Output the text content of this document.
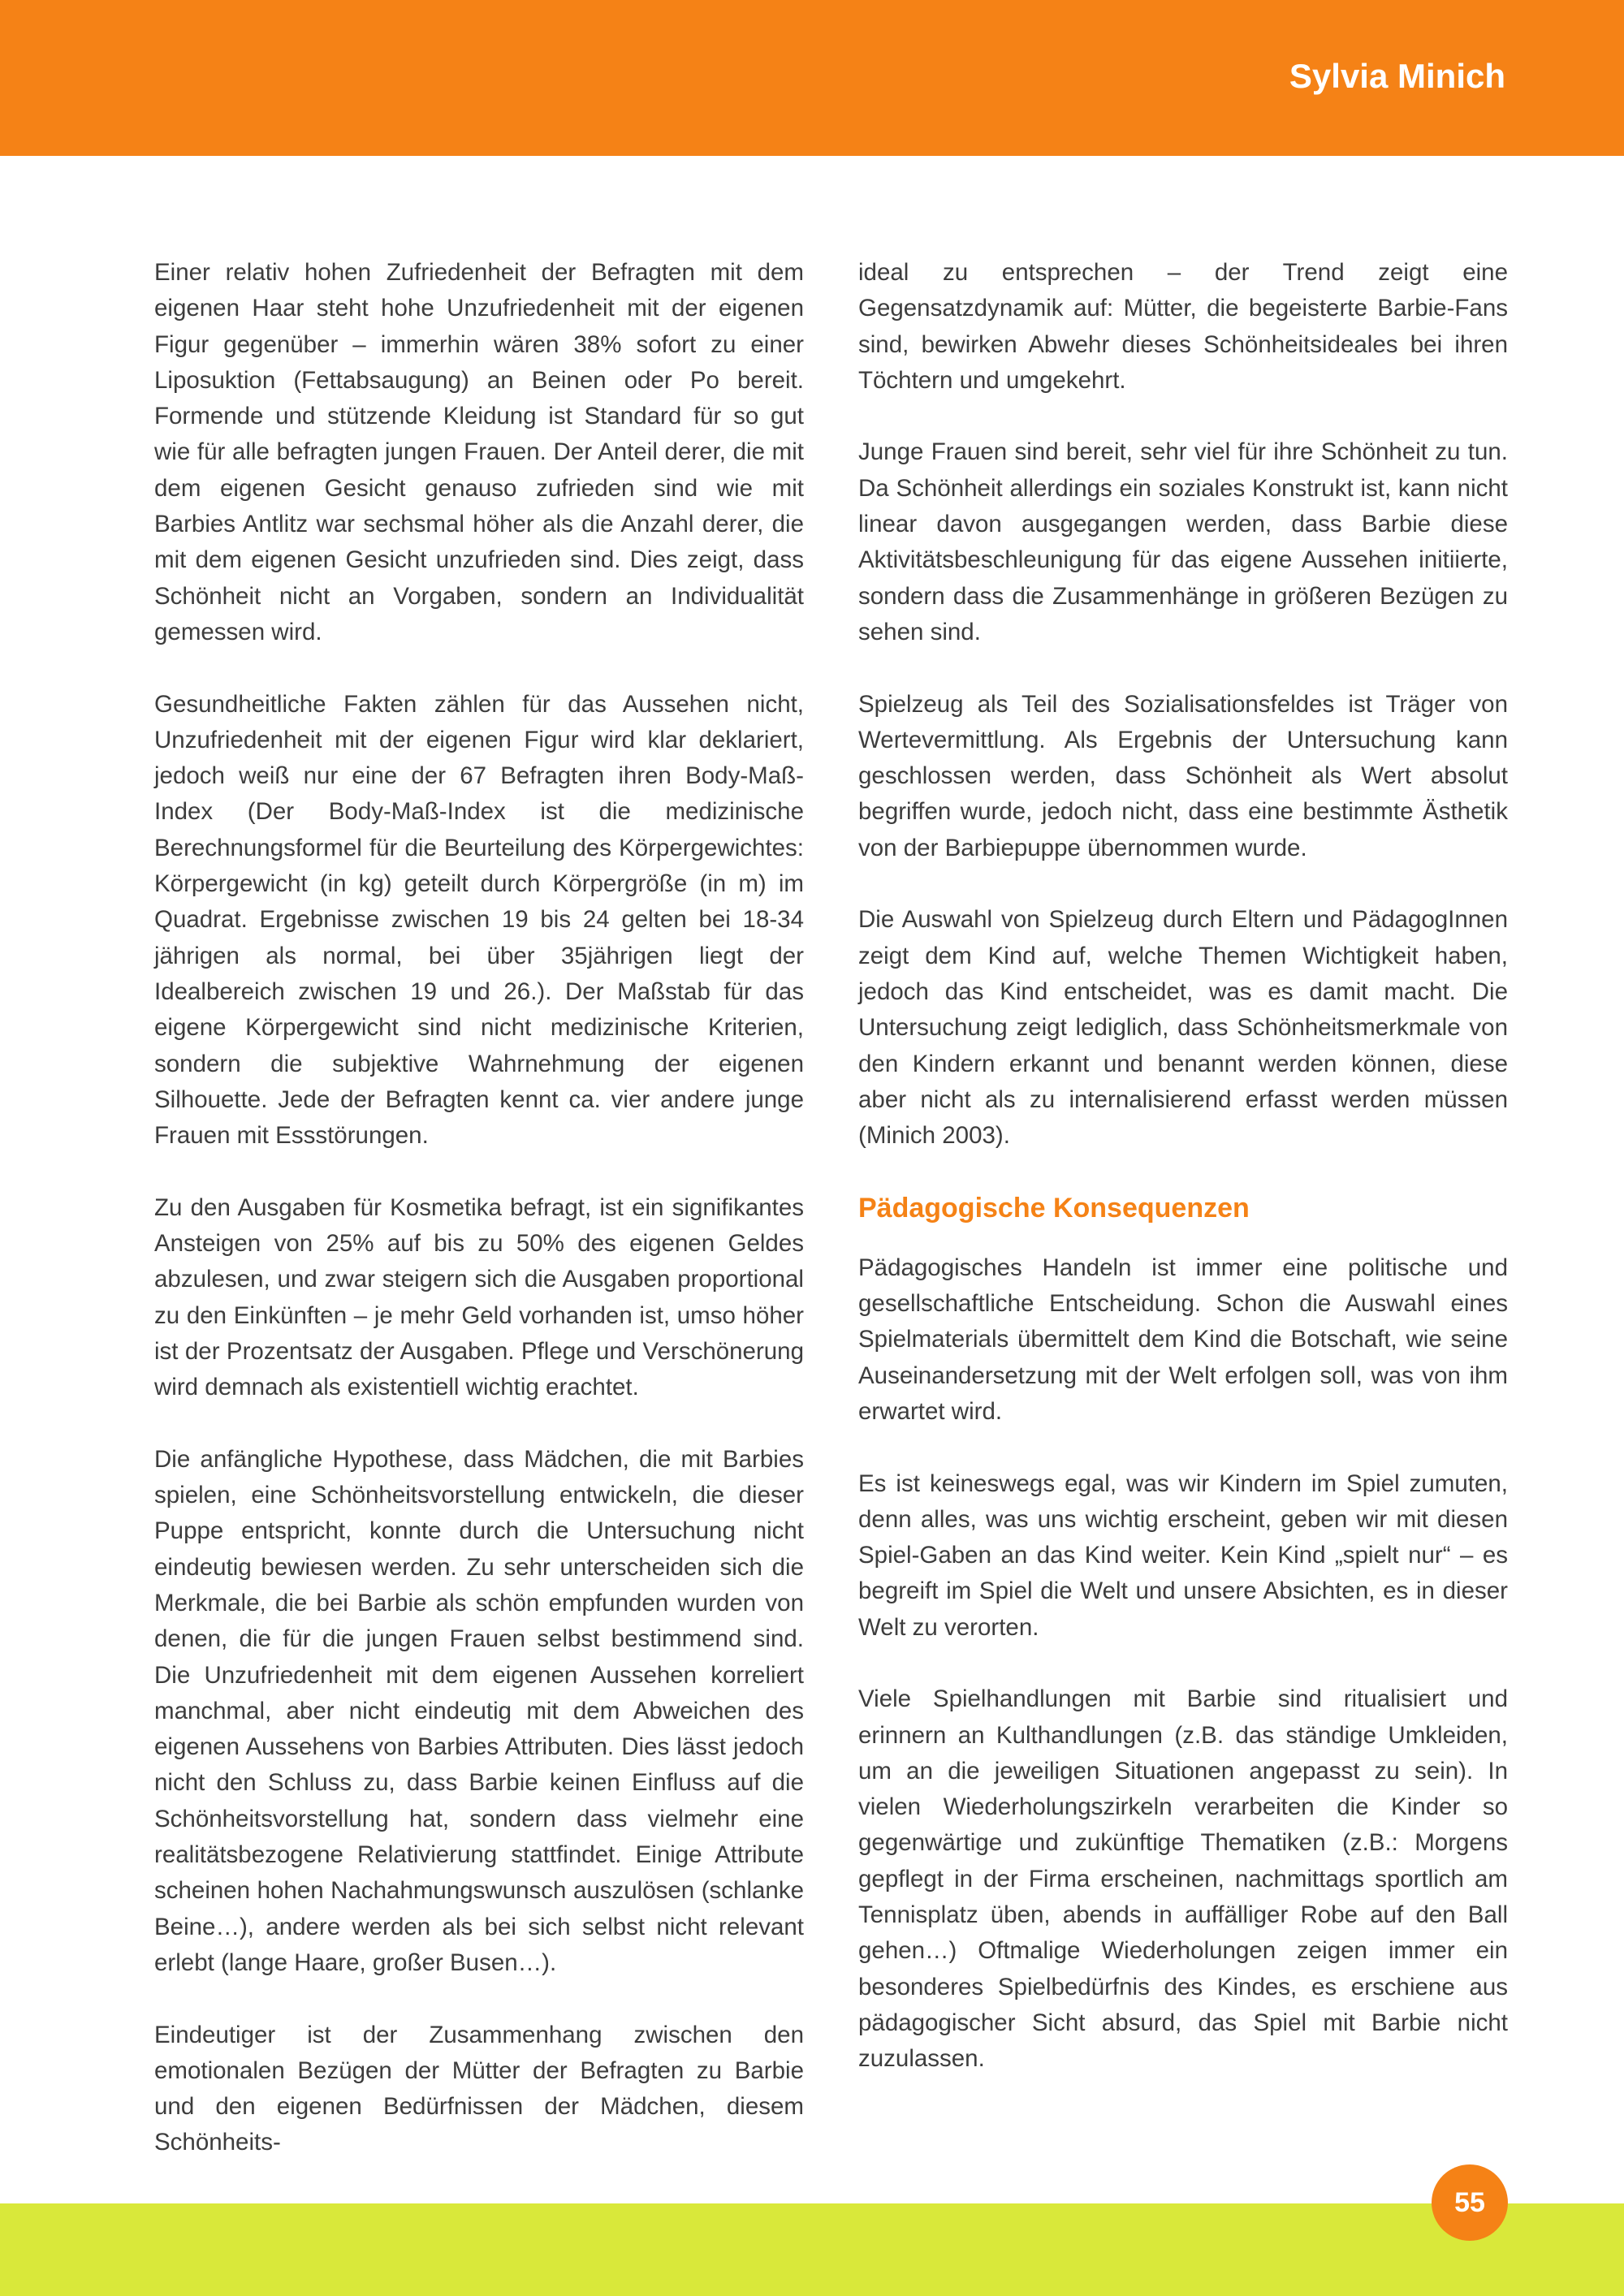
Sylvia Minich

Einer relativ hohen Zufriedenheit der Befragten mit dem eigenen Haar steht hohe Unzufriedenheit mit der eigenen Figur gegenüber – immerhin wären 38% sofort zu einer Liposuktion (Fettabsaugung) an Beinen oder Po bereit. Formende und stützende Kleidung ist Standard für so gut wie für alle befragten jungen Frauen. Der Anteil derer, die mit dem eigenen Gesicht genauso zufrieden sind wie mit Barbies Antlitz war sechsmal höher als die Anzahl derer, die mit dem eigenen Gesicht unzufrieden sind. Dies zeigt, dass Schönheit nicht an Vorgaben, sondern an Individualität gemessen wird.

Gesundheitliche Fakten zählen für das Aussehen nicht, Unzufriedenheit mit der eigenen Figur wird klar deklariert, jedoch weiß nur eine der 67 Befragten ihren Body-Maß-Index (Der Body-Maß-Index ist die medizinische Berechnungsformel für die Beurteilung des Körpergewichtes: Körpergewicht (in kg) geteilt durch Körpergröße (in m) im Quadrat. Ergebnisse zwischen 19 bis 24 gelten bei 18-34 jährigen als normal, bei über 35jährigen liegt der Idealbereich zwischen 19 und 26.). Der Maßstab für das eigene Körpergewicht sind nicht medizinische Kriterien, sondern die subjektive Wahrnehmung der eigenen Silhouette. Jede der Befragten kennt ca. vier andere junge Frauen mit Essstörungen.

Zu den Ausgaben für Kosmetika befragt, ist ein signifikantes Ansteigen von 25% auf bis zu 50% des eigenen Geldes abzulesen, und zwar steigern sich die Ausgaben proportional zu den Einkünften – je mehr Geld vorhanden ist, umso höher ist der Prozentsatz der Ausgaben. Pflege und Verschönerung wird demnach als existentiell wichtig erachtet.

Die anfängliche Hypothese, dass Mädchen, die mit Barbies spielen, eine Schönheitsvorstellung entwickeln, die dieser Puppe entspricht, konnte durch die Untersuchung nicht eindeutig bewiesen werden. Zu sehr unterscheiden sich die Merkmale, die bei Barbie als schön empfunden wurden von denen, die für die jungen Frauen selbst bestimmend sind. Die Unzufriedenheit mit dem eigenen Aussehen korreliert manchmal, aber nicht eindeutig mit dem Abweichen des eigenen Aussehens von Barbies Attributen. Dies lässt jedoch nicht den Schluss zu, dass Barbie keinen Einfluss auf die Schönheitsvorstellung hat, sondern dass vielmehr eine realitätsbezogene Relativierung stattfindet. Einige Attribute scheinen hohen Nachahmungswunsch auszulösen (schlanke Beine…), andere werden als bei sich selbst nicht relevant erlebt (lange Haare, großer Busen…).

Eindeutiger ist der Zusammenhang zwischen den emotionalen Bezügen der Mütter der Befragten zu Barbie und den eigenen Bedürfnissen der Mädchen, diesem Schönheits-

ideal zu entsprechen – der Trend zeigt eine Gegensatzdynamik auf: Mütter, die begeisterte Barbie-Fans sind, bewirken Abwehr dieses Schönheitsideales bei ihren Töchtern und umgekehrt.

Junge Frauen sind bereit, sehr viel für ihre Schönheit zu tun. Da Schönheit allerdings ein soziales Konstrukt ist, kann nicht linear davon ausgegangen werden, dass Barbie diese Aktivitätsbeschleunigung für das eigene Aussehen initiierte, sondern dass die Zusammenhänge in größeren Bezügen zu sehen sind.

Spielzeug als Teil des Sozialisationsfeldes ist Träger von Wertevermittlung. Als Ergebnis der Untersuchung kann geschlossen werden, dass Schönheit als Wert absolut begriffen wurde, jedoch nicht, dass eine bestimmte Ästhetik von der Barbiepuppe übernommen wurde.

Die Auswahl von Spielzeug durch Eltern und PädagogInnen zeigt dem Kind auf, welche Themen Wichtigkeit haben, jedoch das Kind entscheidet, was es damit macht. Die Untersuchung zeigt lediglich, dass Schönheitsmerkmale von den Kindern erkannt und benannt werden können, diese aber nicht als zu internalisierend erfasst werden müssen (Minich 2003).

Pädagogische Konsequenzen

Pädagogisches Handeln ist immer eine politische und gesellschaftliche Entscheidung. Schon die Auswahl eines Spielmaterials übermittelt dem Kind die Botschaft, wie seine Auseinandersetzung mit der Welt erfolgen soll, was von ihm erwartet wird.

Es ist keineswegs egal, was wir Kindern im Spiel zumuten, denn alles, was uns wichtig erscheint, geben wir mit diesen Spiel-Gaben an das Kind weiter. Kein Kind „spielt nur“ – es begreift im Spiel die Welt und unsere Absichten, es in dieser Welt zu verorten.

Viele Spielhandlungen mit Barbie sind ritualisiert und erinnern an Kulthandlungen (z.B. das ständige Umkleiden, um an die jeweiligen Situationen angepasst zu sein). In vielen Wiederholungszirkeln verarbeiten die Kinder so gegenwärtige und zukünftige Thematiken (z.B.: Morgens gepflegt in der Firma erscheinen, nachmittags sportlich am Tennisplatz üben, abends in auffälliger Robe auf den Ball gehen…) Oftmalige Wiederholungen zeigen immer ein besonderes Spielbedürfnis des Kindes, es erschiene aus pädagogischer Sicht absurd, das Spiel mit Barbie nicht zuzulassen.

55
